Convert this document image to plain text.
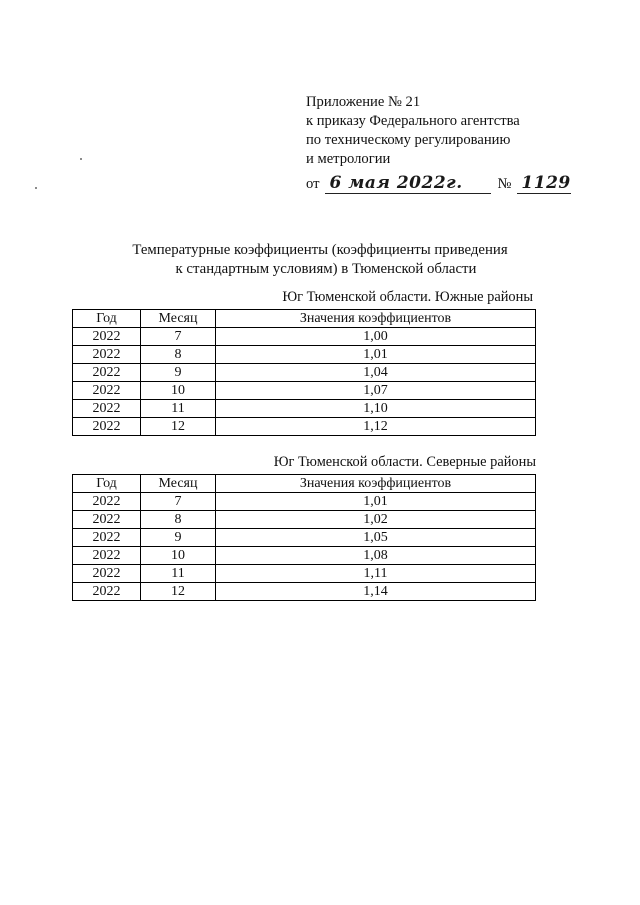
Приложение № 21
к приказу Федерального агентства
по техническому регулированию
и метрологии
от 6 мая 2022г.	№ 1129
Температурные коэффициенты (коэффициенты приведения
к стандартным условиям) в Тюменской области
Юг Тюменской области. Южные районы
Год	Месяц	Значения коэффициентов
2022	7	1,00
2022	8	1,01
2022	9	1,04
2022	10	1,07
2022	11	1,10
2022	12	1,12
Юг Тюменской области. Северные районы
Год	Месяц	Значения коэффициентов
2022	7	1,01
2022	8	1,02
2022	9	1,05
2022	10	1,08
2022	11	1,11
2022	12	1,14
